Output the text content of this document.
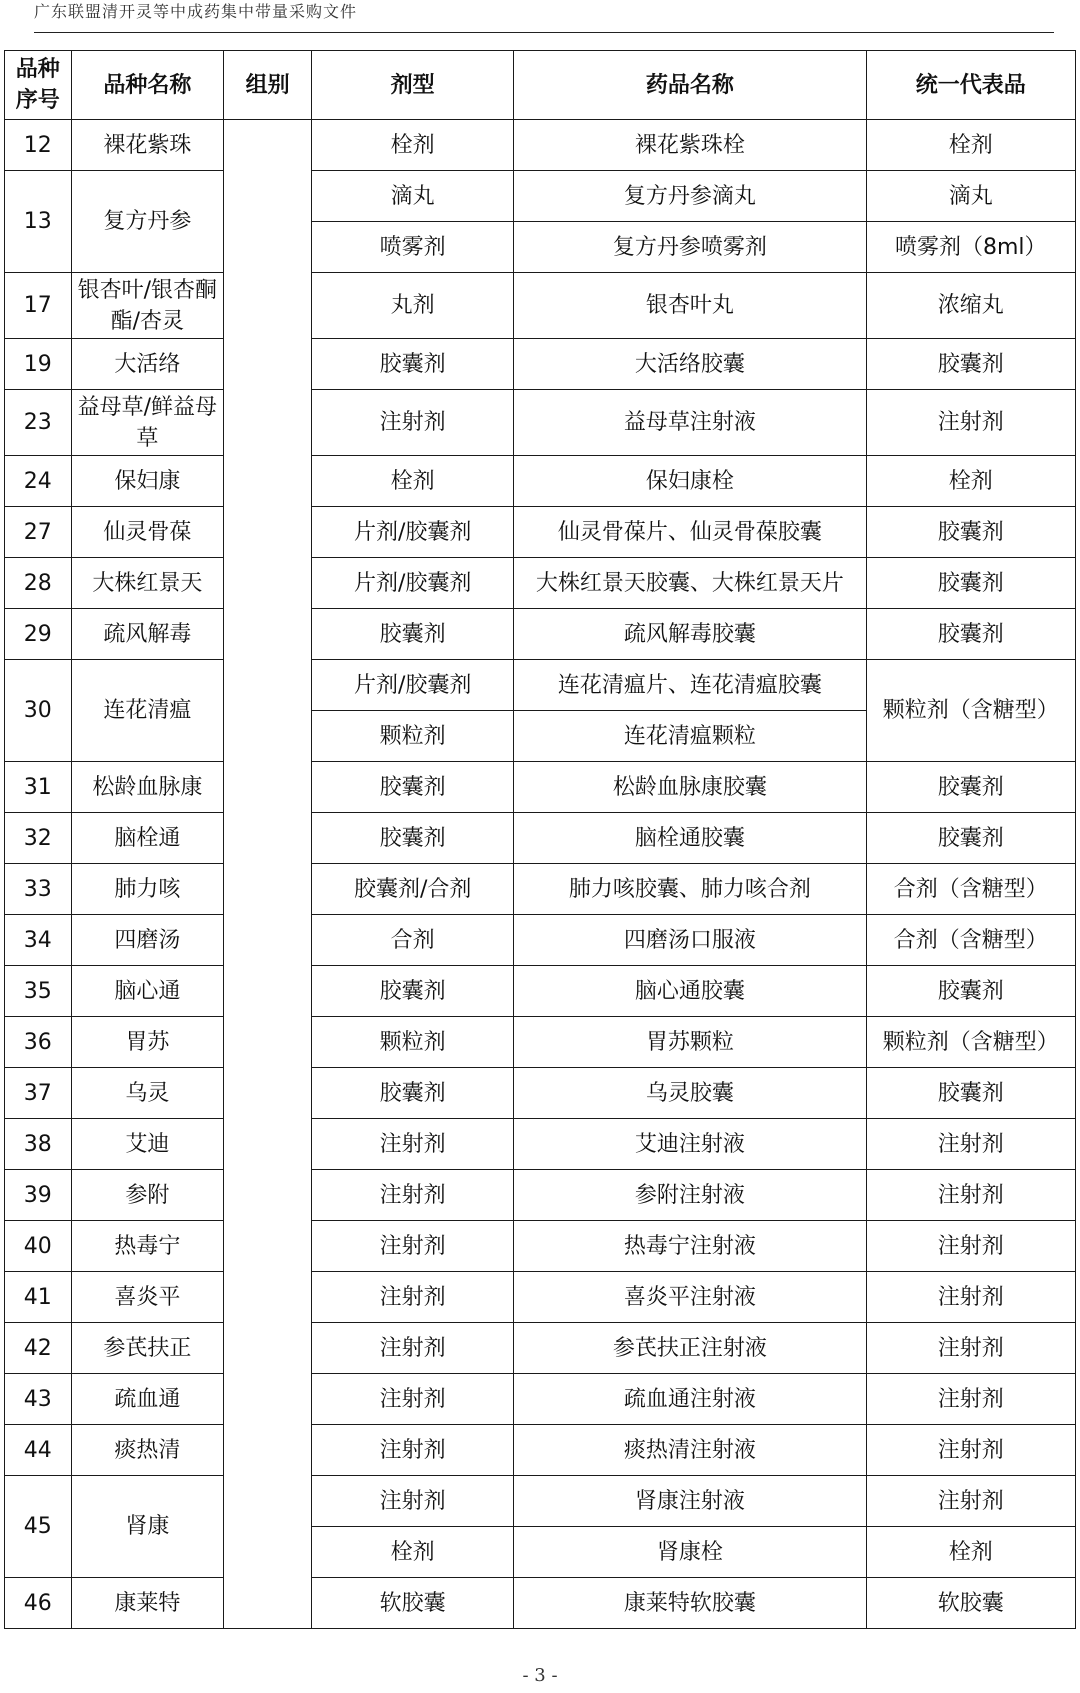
广东联盟清开灵等中成药集中带量采购文件
品种
序号	品种名称	组别	剂型	药品名称	统一代表品
12	裸花紫珠		栓剂	裸花紫珠栓	栓剂
13	复方丹参		滴丸	复方丹参滴丸	滴丸
			喷雾剂	复方丹参喷雾剂	喷雾剂（8ml）
17	银杏叶/银杏酮酯/杏灵		丸剂	银杏叶丸	浓缩丸
19	大活络		胶囊剂	大活络胶囊	胶囊剂
23	益母草/鲜益母草		注射剂	益母草注射液	注射剂
24	保妇康		栓剂	保妇康栓	栓剂
27	仙灵骨葆		片剂/胶囊剂	仙灵骨葆片、仙灵骨葆胶囊	胶囊剂
28	大株红景天		片剂/胶囊剂	大株红景天胶囊、大株红景天片	胶囊剂
29	疏风解毒		胶囊剂	疏风解毒胶囊	胶囊剂
30	连花清瘟		片剂/胶囊剂	连花清瘟片、连花清瘟胶囊	颗粒剂（含糖型）
			颗粒剂	连花清瘟颗粒	
31	松龄血脉康		胶囊剂	松龄血脉康胶囊	胶囊剂
32	脑栓通		胶囊剂	脑栓通胶囊	胶囊剂
33	肺力咳		胶囊剂/合剂	肺力咳胶囊、肺力咳合剂	合剂（含糖型）
34	四磨汤		合剂	四磨汤口服液	合剂（含糖型）
35	脑心通		胶囊剂	脑心通胶囊	胶囊剂
36	胃苏		颗粒剂	胃苏颗粒	颗粒剂（含糖型）
37	乌灵		胶囊剂	乌灵胶囊	胶囊剂
38	艾迪		注射剂	艾迪注射液	注射剂
39	参附		注射剂	参附注射液	注射剂
40	热毒宁		注射剂	热毒宁注射液	注射剂
41	喜炎平		注射剂	喜炎平注射液	注射剂
42	参芪扶正		注射剂	参芪扶正注射液	注射剂
43	疏血通		注射剂	疏血通注射液	注射剂
44	痰热清		注射剂	痰热清注射液	注射剂
45	肾康		注射剂	肾康注射液	注射剂
			栓剂	肾康栓	栓剂
46	康莱特		软胶囊	康莱特软胶囊	软胶囊
- 3 -
